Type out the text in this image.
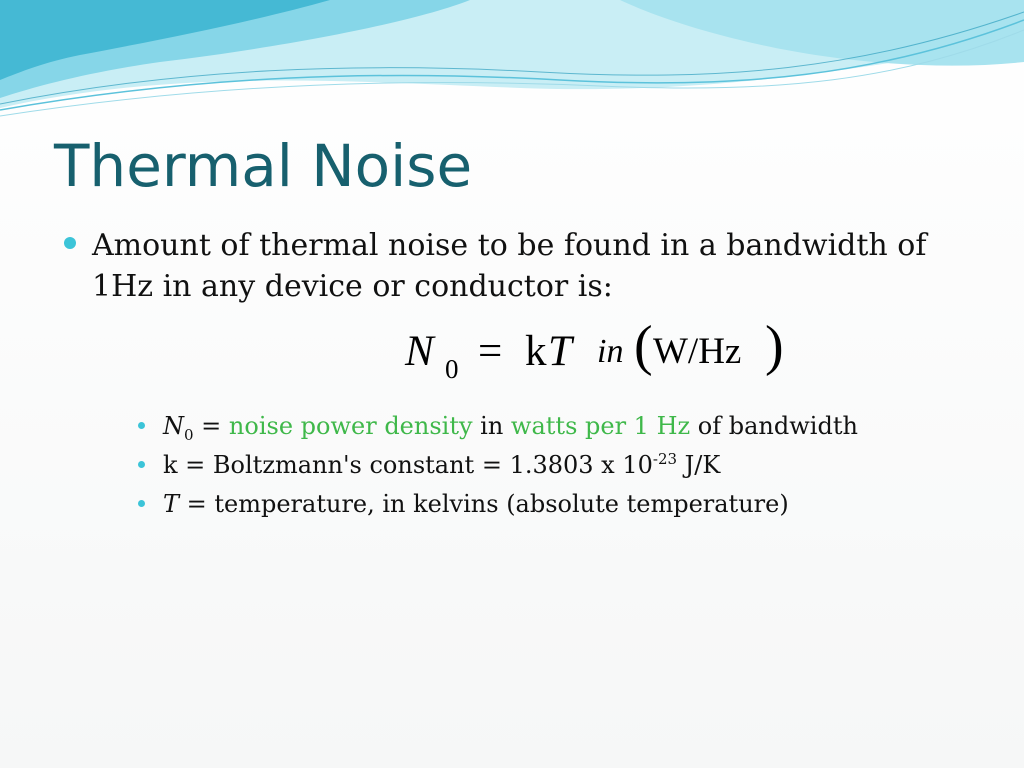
Thermal Noise
Amount of thermal noise to be found in a bandwidth of 1Hz in any device or conductor is:
N 0 = k T in ( W/Hz )
$N_0$ = noise power density in watts per 1 Hz of bandwidth
k = Boltzmann's constant = 1.3803 x $10^{-23}$ J/K
T = temperature, in kelvins (absolute temperature)
